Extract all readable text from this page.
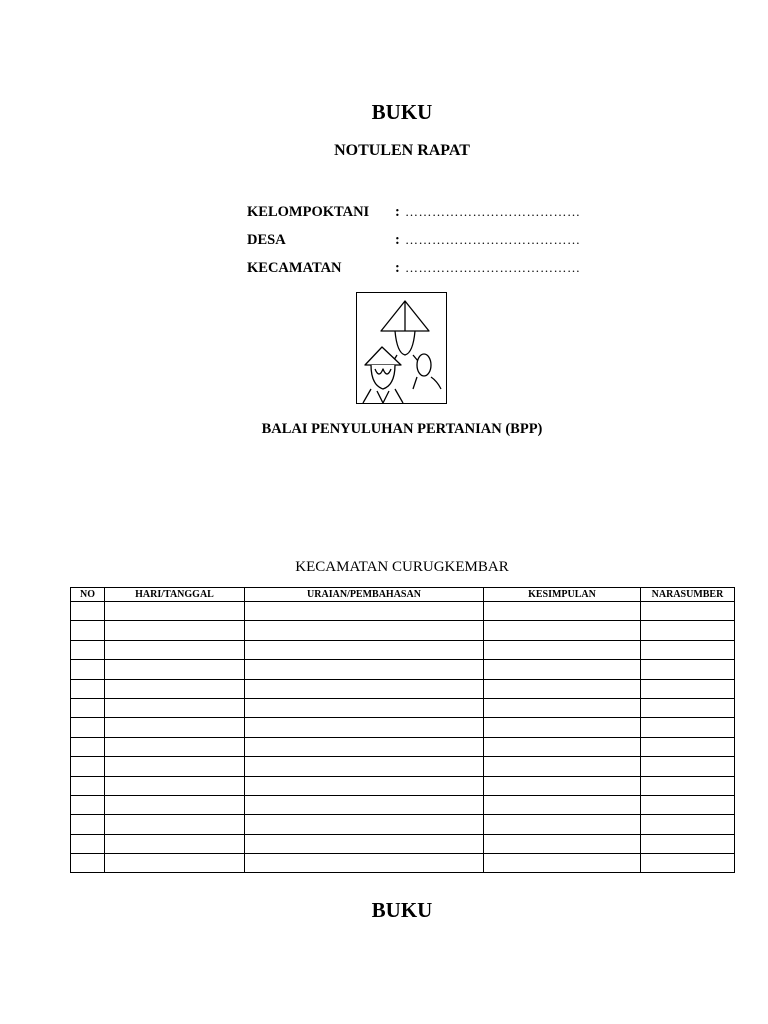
BUKU
NOTULEN RAPAT
KELOMPOKTANI : …………………………………
DESA	: …………………………………
KECAMATAN	: …………………………………
BALAI PENYULUHAN PERTANIAN (BPP)
KECAMATAN CURUGKEMBAR
NO	HARI/TANGGAL	URAIAN/PEMBAHASAN	KESIMPULAN	NARASUMBER

BUKU
